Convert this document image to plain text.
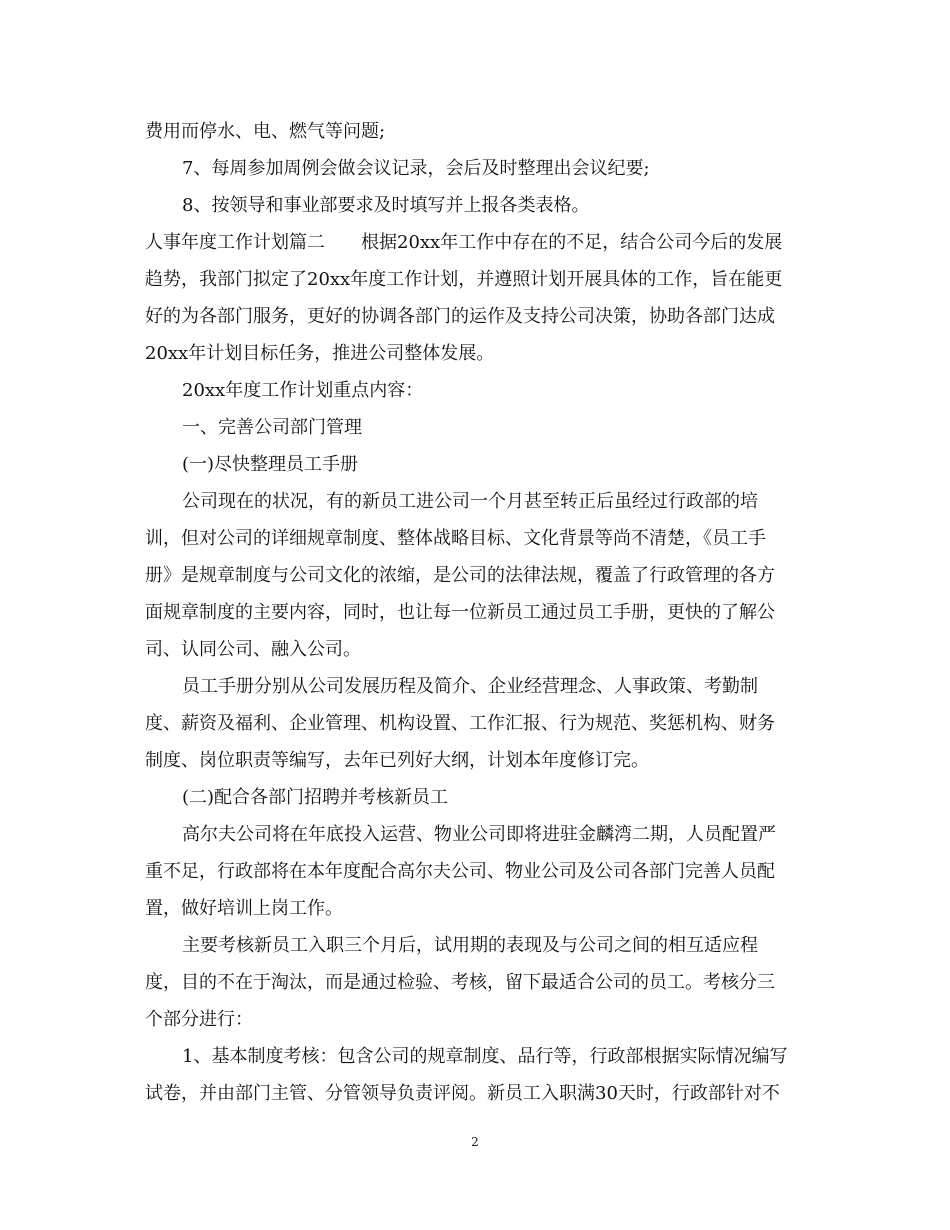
费用而停水、电、燃气等问题;
7、每周参加周例会做会议记录，会后及时整理出会议纪要;
8、按领导和事业部要求及时填写并上报各类表格。
人事年度工作计划篇二　　根据20xx年工作中存在的不足，结合公司今后的发展
趋势，我部门拟定了20xx年度工作计划，并遵照计划开展具体的工作，旨在能更
好的为各部门服务，更好的协调各部门的运作及支持公司决策，协助各部门达成
20xx年计划目标任务，推进公司整体发展。
20xx年度工作计划重点内容：
一、完善公司部门管理
(一)尽快整理员工手册
公司现在的状况，有的新员工进公司一个月甚至转正后虽经过行政部的培
训，但对公司的详细规章制度、整体战略目标、文化背景等尚不清楚，《员工手
册》是规章制度与公司文化的浓缩，是公司的法律法规，覆盖了行政管理的各方
面规章制度的主要内容，同时，也让每一位新员工通过员工手册，更快的了解公
司、认同公司、融入公司。
员工手册分别从公司发展历程及简介、企业经营理念、人事政策、考勤制
度、薪资及福利、企业管理、机构设置、工作汇报、行为规范、奖惩机构、财务
制度、岗位职责等编写，去年已列好大纲，计划本年度修订完。
(二)配合各部门招聘并考核新员工
高尔夫公司将在年底投入运营、物业公司即将进驻金麟湾二期，人员配置严
重不足，行政部将在本年度配合高尔夫公司、物业公司及公司各部门完善人员配
置，做好培训上岗工作。
主要考核新员工入职三个月后，试用期的表现及与公司之间的相互适应程
度，目的不在于淘汰，而是通过检验、考核，留下最适合公司的员工。考核分三
个部分进行：
1、基本制度考核：包含公司的规章制度、品行等，行政部根据实际情况编写
试卷，并由部门主管、分管领导负责评阅。新员工入职满30天时，行政部针对不
2
